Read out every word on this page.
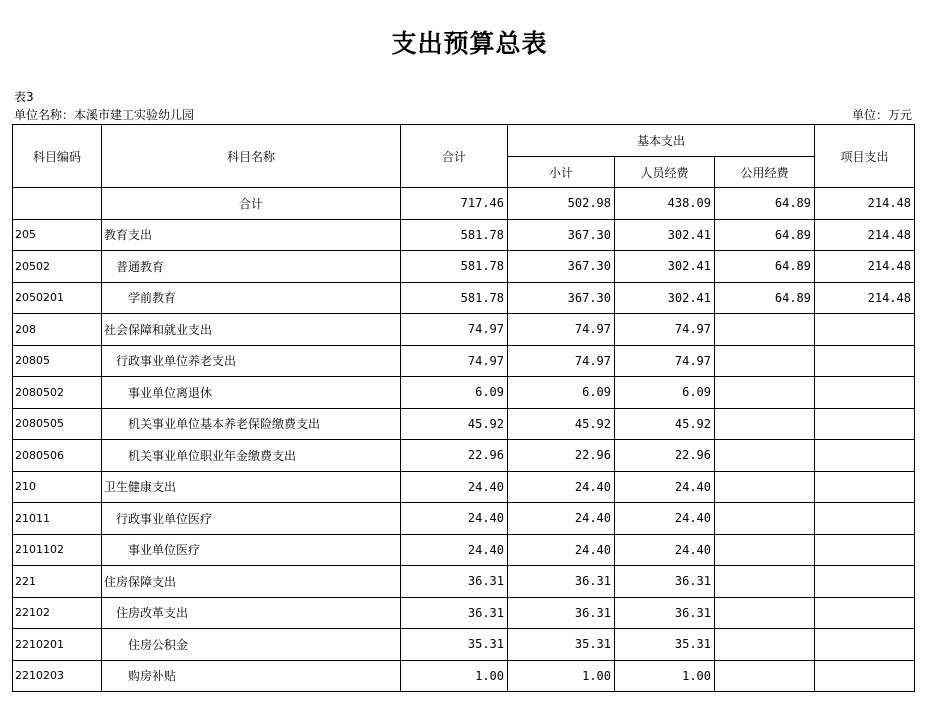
支出预算总表
表3
单位名称：本溪市建工实验幼儿园	单位：万元
科目编码	科目名称	合计	基本支出			项目支出
			小计	人员经费	公用经费	
	合计	717.46	502.98	438.09	64.89	214.48
205	教育支出	581.78	367.30	302.41	64.89	214.48
20502	普通教育	581.78	367.30	302.41	64.89	214.48
2050201	学前教育	581.78	367.30	302.41	64.89	214.48
208	社会保障和就业支出	74.97	74.97	74.97		
20805	行政事业单位养老支出	74.97	74.97	74.97		
2080502	事业单位离退休	6.09	6.09	6.09		
2080505	机关事业单位基本养老保险缴费支出	45.92	45.92	45.92		
2080506	机关事业单位职业年金缴费支出	22.96	22.96	22.96		
210	卫生健康支出	24.40	24.40	24.40		
21011	行政事业单位医疗	24.40	24.40	24.40		
2101102	事业单位医疗	24.40	24.40	24.40		
221	住房保障支出	36.31	36.31	36.31		
22102	住房改革支出	36.31	36.31	36.31		
2210201	住房公积金	35.31	35.31	35.31		
2210203	购房补贴	1.00	1.00	1.00		
